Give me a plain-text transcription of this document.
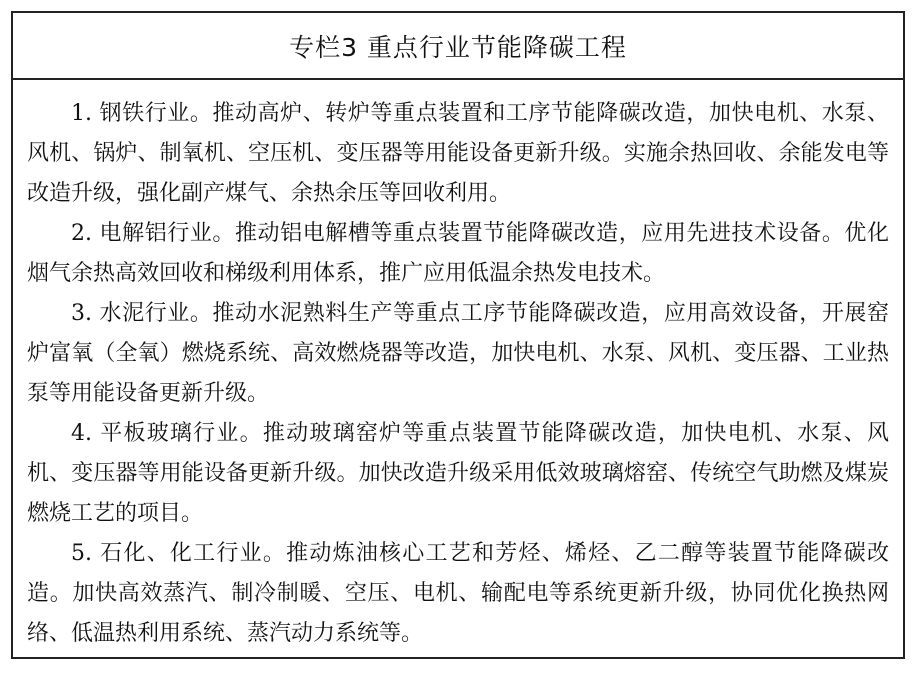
专栏3 重点行业节能降碳工程

1. 钢铁行业。推动高炉、转炉等重点装置和工序节能降碳改造，加快电机、水泵、风机、锅炉、制氧机、空压机、变压器等用能设备更新升级。实施余热回收、余能发电等改造升级，强化副产煤气、余热余压等回收利用。

2. 电解铝行业。推动铝电解槽等重点装置节能降碳改造，应用先进技术设备。优化烟气余热高效回收和梯级利用体系，推广应用低温余热发电技术。

3. 水泥行业。推动水泥熟料生产等重点工序节能降碳改造，应用高效设备，开展窑炉富氧（全氧）燃烧系统、高效燃烧器等改造，加快电机、水泵、风机、变压器、工业热泵等用能设备更新升级。

4. 平板玻璃行业。推动玻璃窑炉等重点装置节能降碳改造，加快电机、水泵、风机、变压器等用能设备更新升级。加快改造升级采用低效玻璃熔窑、传统空气助燃及煤炭燃烧工艺的项目。

5. 石化、化工行业。推动炼油核心工艺和芳烃、烯烃、乙二醇等装置节能降碳改造。加快高效蒸汽、制冷制暖、空压、电机、输配电等系统更新升级，协同优化换热网络、低温热利用系统、蒸汽动力系统等。
